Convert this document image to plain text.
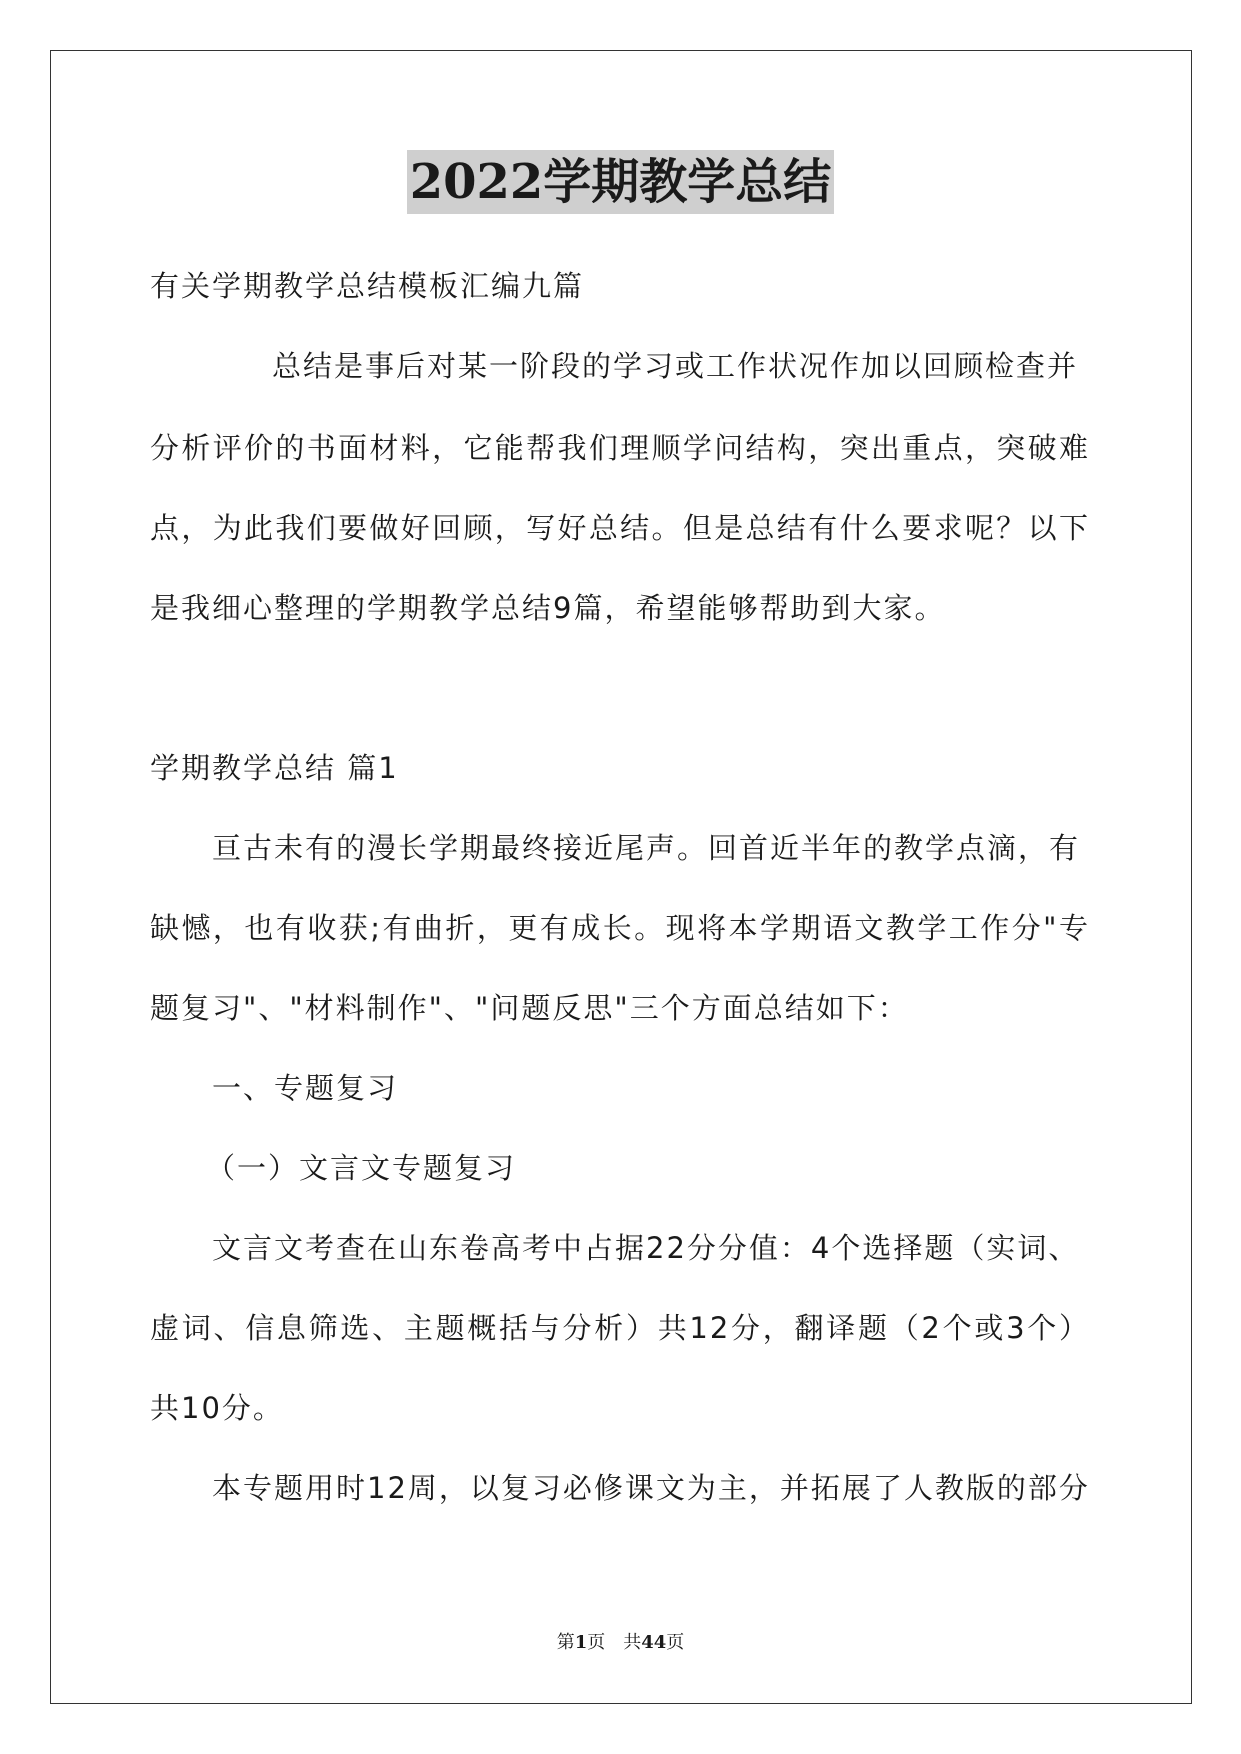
2022学期教学总结
有关学期教学总结模板汇编九篇
总结是事后对某一阶段的学习或工作状况作加以回顾检查并
分析评价的书面材料，它能帮我们理顺学问结构，突出重点，突破难
点，为此我们要做好回顾，写好总结。但是总结有什么要求呢？以下
是我细心整理的学期教学总结9篇，希望能够帮助到大家。
学期教学总结 篇1
亘古未有的漫长学期最终接近尾声。回首近半年的教学点滴，有
缺憾，也有收获;有曲折，更有成长。现将本学期语文教学工作分"专
题复习"、"材料制作"、"问题反思"三个方面总结如下：
一、专题复习
（一）文言文专题复习
文言文考查在山东卷高考中占据22分分值：4个选择题（实词、
虚词、信息筛选、主题概括与分析）共12分，翻译题（2个或3个）
共10分。
本专题用时12周，以复习必修课文为主，并拓展了人教版的部分
第1页　共44页
